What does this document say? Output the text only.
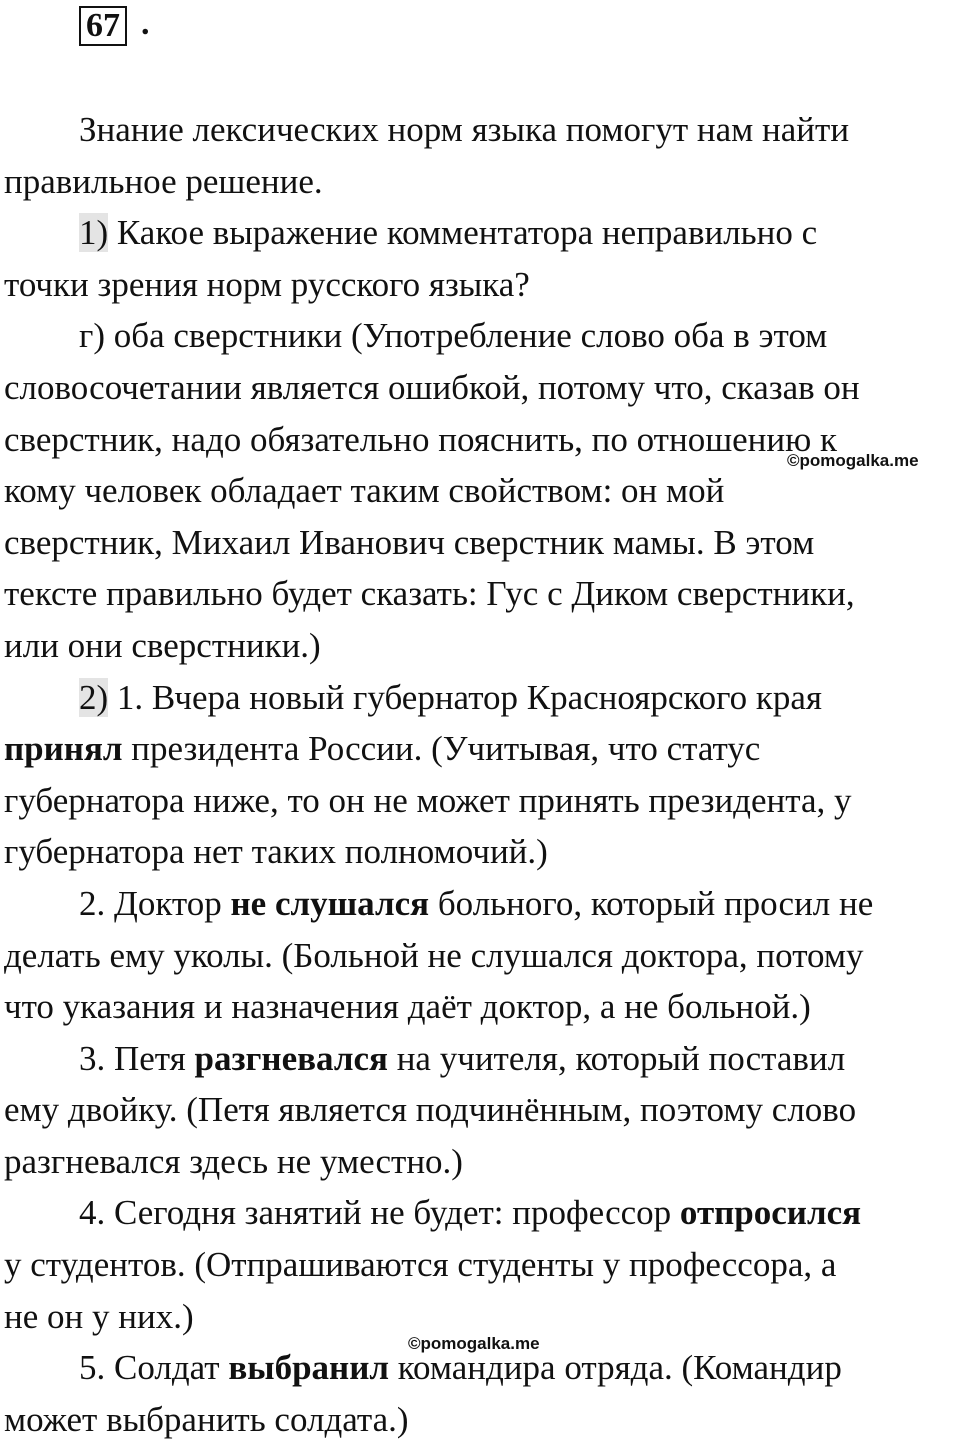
67 .
Знание лексических норм языка помогут нам найти
правильное решение.
1) Какое выражение комментатора неправильно с
точки зрения норм русского языка?
г) оба сверстники (Употребление слово оба в этом
словосочетании является ошибкой, потому что, сказав он
сверстник, надо обязательно пояснить, по отношению к
кому человек обладает таким свойством: он мой
сверстник, Михаил Иванович сверстник мамы. В этом
тексте правильно будет сказать: Гус с Диком сверстники,
или они сверстники.)
2) 1. Вчера новый губернатор Красноярского края
принял президента России. (Учитывая, что статус
губернатора ниже, то он не может принять президента, у
губернатора нет таких полномочий.)
2. Доктор не слушался больного, который просил не
делать ему уколы. (Больной не слушался доктора, потому
что указания и назначения даёт доктор, а не больной.)
3. Петя разгневался на учителя, который поставил
ему двойку. (Петя является подчинённым, поэтому слово
разгневался здесь не уместно.)
4. Сегодня занятий не будет: профессор отпросился
у студентов. (Отпрашиваются студенты у профессора, а
не он у них.)
5. Солдат выбранил командира отряда. (Командир
может выбранить солдата.)
©pomogalka.me
©pomogalka.me
